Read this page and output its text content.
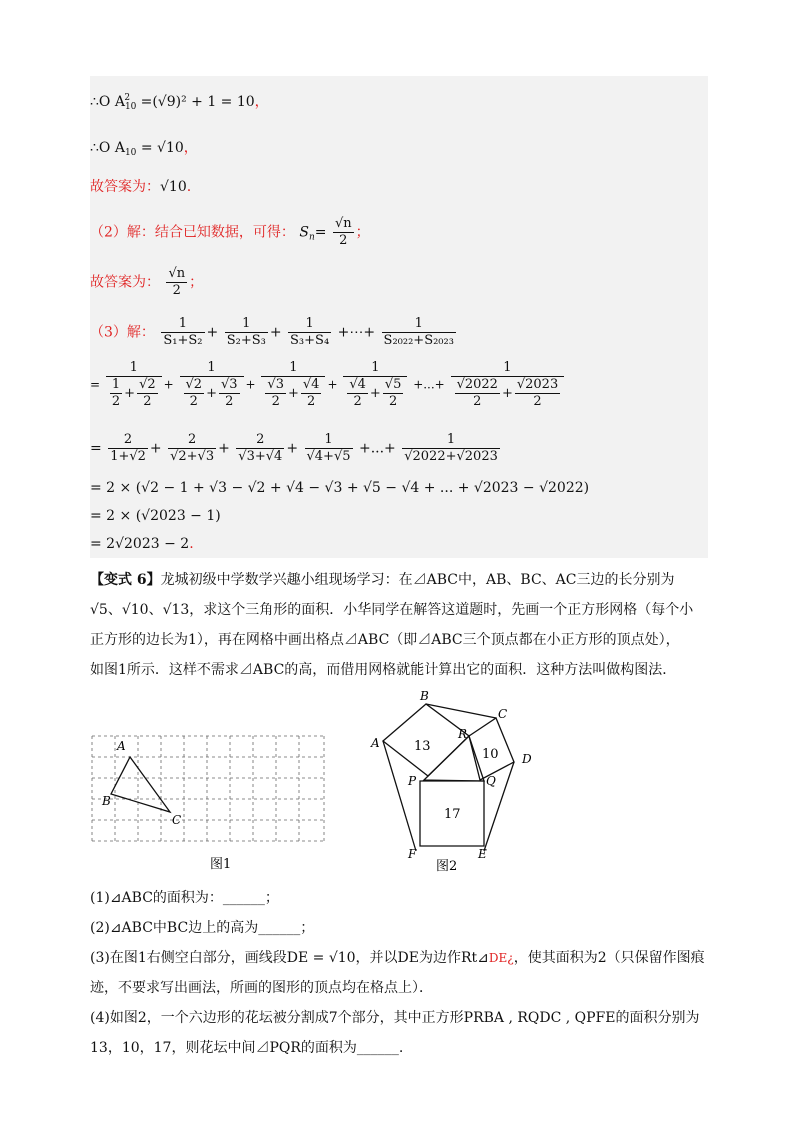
∴O $A_{10}^2 =(√9)^2 + 1 = 10$，
∴O $A_{10} = √10$，
故答案为：√10.
（2）解：结合已知数据，可得： $S_n= \frac{√n}{2}$ ；
故答案为： $\frac{√n}{2}$ ；
（3）解： $\frac{1}{\text{S₁+S₂}} + \frac{1}{\text{S₂+S₃}} + \frac{1}{\text{S₃+S₄}}$ +⋯+ $\frac{1}{\text{S₂₀₂₂+S₂₀₂₃}}$
= $\frac{1}{\frac{1}{2} + \frac{√2}{2}} + \frac{1}{\frac{√2}{2} + \frac{√3}{2}} + \frac{1}{\frac{√3}{2} + \frac{√4}{2}} + \frac{1}{\frac{√4}{2} + \frac{√5}{2}}$ +...+ $\frac{1}{\frac{√2022}{2} + \frac{√2023}{2}}$
= $\frac{2}{1+√2} + \frac{2}{√2+√3} + \frac{2}{√3+√4} + \frac{1}{√4+√5}$ +...+ $\frac{1}{√2022+√2023}$
= 2 × (√2 − 1 + √3 − √2 + √4 − √3 + √5 − √4 + ... + √2023 − √2022)
= 2 × (√2023 − 1)
= 2√2023 − 2.
【变式 6】龙城初级中学数学兴趣小组现场学习：在⊿ABC中，AB、BC、AC三边的长分别为
√5、√10、√13，求这个三角形的面积．小华同学在解答这道题时，先画一个正方形网格（每个小
正方形的边长为1），再在网格中画出格点⊿ABC（即⊿ABC三个顶点都在小正方形的顶点处），
如图1所示．这样不需求⊿ABC的高，而借用网格就能计算出它的面积．这种方法叫做构图法．
A
B
C
图1
B
C
A
R
D
P	Q
F	E
13
10
17
图2
(1)⊿ABC的面积为：______；
(2)⊿ABC中BC边上的高为______；
(3)在图1右侧空白部分，画线段DE = √10，并以DE为边作Rt⊿DE¿，使其面积为2（只保留作图痕
迹，不要求写出画法，所画的图形的顶点均在格点上）．
(4)如图2，一个六边形的花坛被分割成7个部分，其中正方形PRBA , RQDC , QPFE的面积分别为
13，10，17，则花坛中间⊿PQR的面积为______.
